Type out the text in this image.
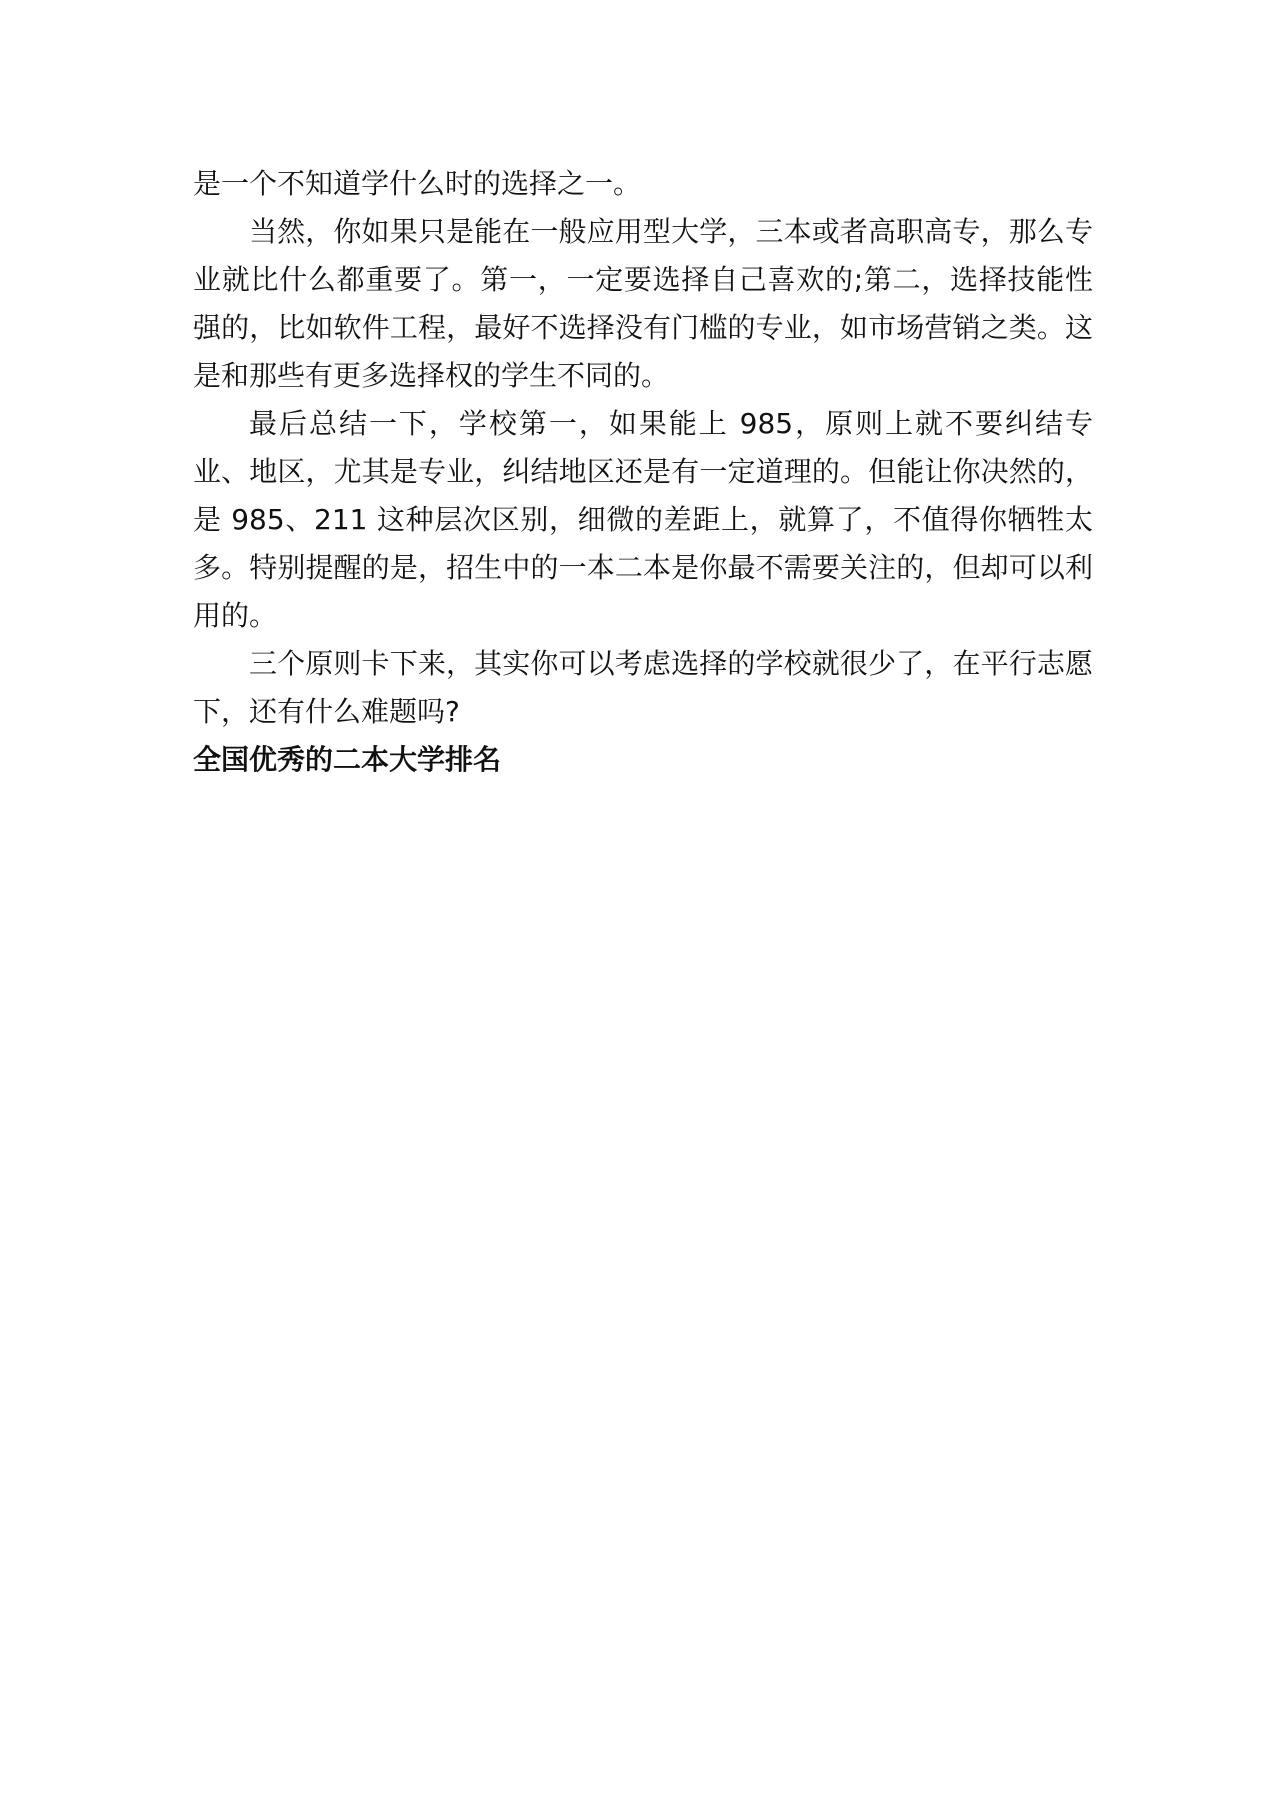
是一个不知道学什么时的选择之一。

当然，你如果只是能在一般应用型大学，三本或者高职高专，那么专业就比什么都重要了。第一，一定要选择自己喜欢的;第二，选择技能性强的，比如软件工程，最好不选择没有门槛的专业，如市场营销之类。这是和那些有更多选择权的学生不同的。

最后总结一下，学校第一，如果能上 985，原则上就不要纠结专业、地区，尤其是专业，纠结地区还是有一定道理的。但能让你决然的，是 985、211 这种层次区别，细微的差距上，就算了，不值得你牺牲太多。特别提醒的是，招生中的一本二本是你最不需要关注的，但却可以利用的。

三个原则卡下来，其实你可以考虑选择的学校就很少了，在平行志愿下，还有什么难题吗?

全国优秀的二本大学排名
